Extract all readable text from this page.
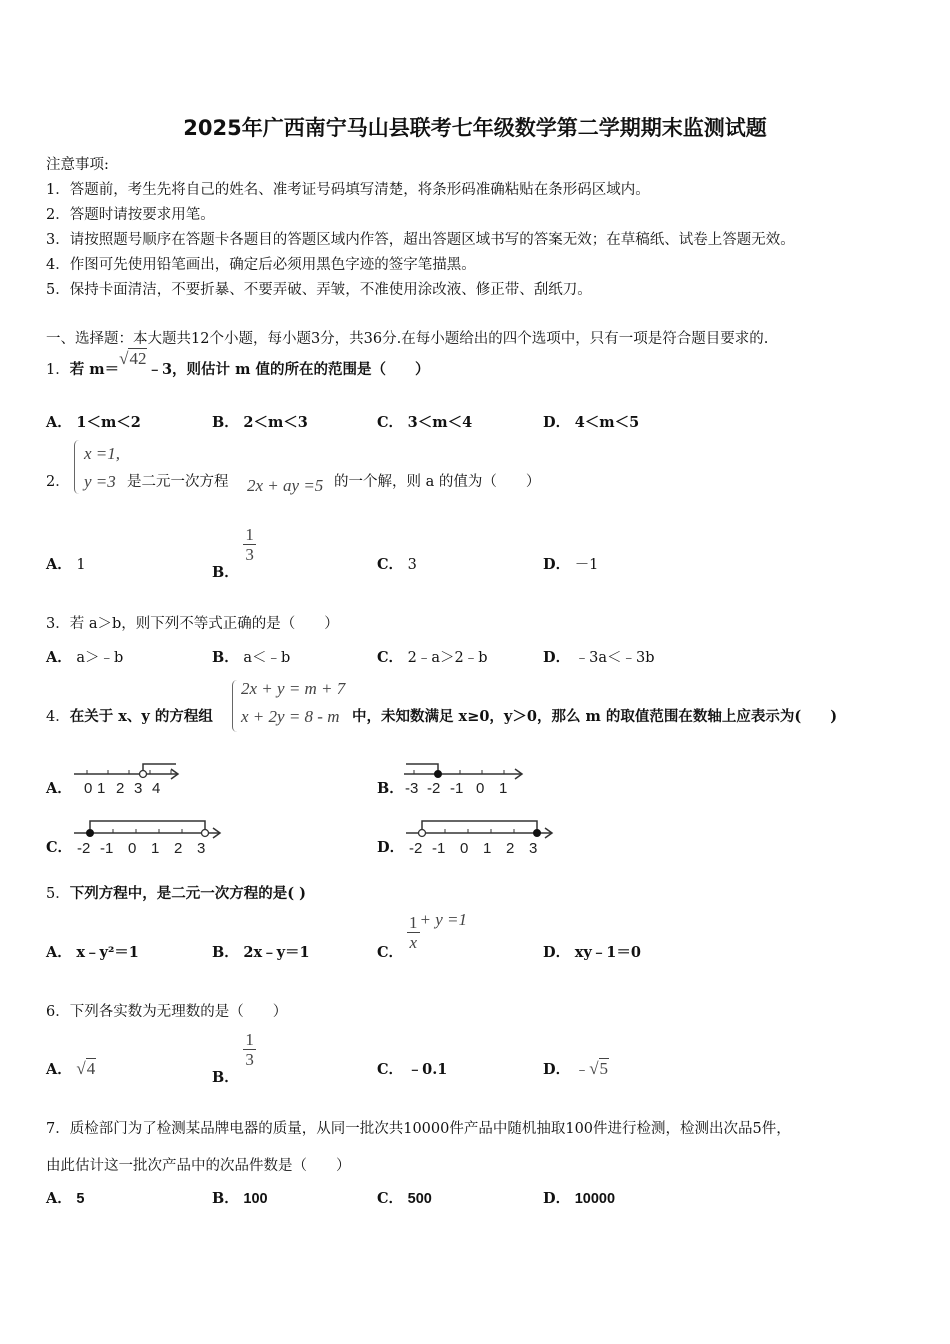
2025年广西南宁马山县联考七年级数学第二学期期末监测试题
注意事项:
1．答题前，考生先将自己的姓名、准考证号码填写清楚，将条形码准确粘贴在条形码区域内。
2．答题时请按要求用笔。
3．请按照题号顺序在答题卡各题目的答题区域内作答，超出答题区域书写的答案无效；在草稿纸、试卷上答题无效。
4．作图可先使用铅笔画出，确定后必须用黑色字迹的签字笔描黑。
5．保持卡面清洁，不要折暴、不要弄破、弄皱，不准使用涂改液、修正带、刮纸刀。
一、选择题：本大题共12个小题，每小题3分，共36分.在每小题给出的四个选项中，只有一项是符合题目要求的.
1．若 m＝√42﹣3，则估计 m 值的所在的范围是（　　）
A． 1＜m＜2	B． 2＜m＜3	C． 3＜m＜4	D． 4＜m＜5
2．
x =1,
y =3 是二元一次方程 2x + ay =5 的一个解，则 a 的值为（　　）
A． 1	B．
$\frac{1}{3}$
C． 3	D． －1
3．若 a＞b，则下列不等式正确的是（　　）
A． a＞﹣b	B． a＜﹣b	C． 2﹣a＞2﹣b	D． ﹣3a＜﹣3b
4．在关于 x、y 的方程组
2x + y = m + 7
x + 2y = 8 - m 中，未知数满足 x≥0，y＞0，那么 m 的取值范围在数轴上应表示为(　　)
A． 0 1 2 3 4	B． -3 -2 -1 0 1
C． -2 -1 0 1 2 3	D． -2 -1 0 1 2 3
5．下列方程中，是二元一次方程的是( )
A． x﹣y²＝1	B． 2x﹣y＝1	C．
$\frac{1}{x} + y =1$
D． xy﹣1＝0
6．下列各实数为无理数的是（　　）
A． √4	B．
$\frac{1}{3}$
C． ﹣0.1	D． ﹣√5
7．质检部门为了检测某品牌电器的质量，从同一批次共10000件产品中随机抽取100件进行检测，检测出次品5件，
由此估计这一批次产品中的次品件数是（　　）
A． 5	B． 100	C． 500	D． 10000
